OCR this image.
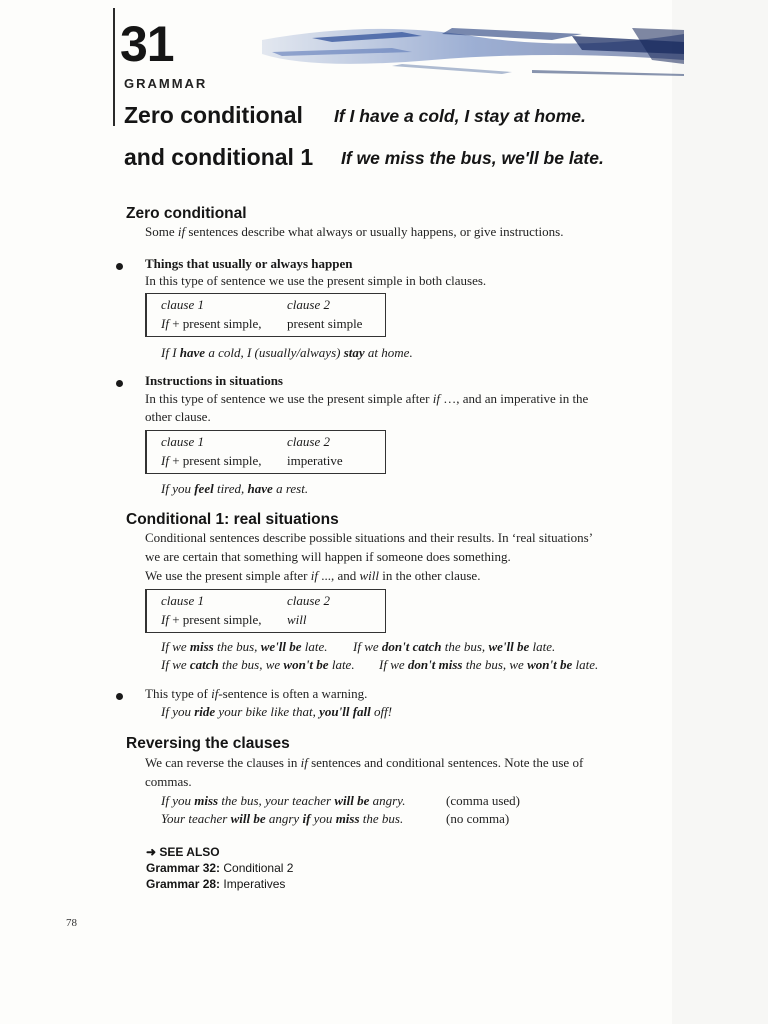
31
GRAMMAR
Zero conditional If I have a cold, I stay at home.
and conditional 1 If we miss the bus, we'll be late.
Zero conditional
Some if sentences describe what always or usually happens, or give instructions.
Things that usually or always happen
In this type of sentence we use the present simple in both clauses.
clause 1	clause 2
If + present simple, present simple
If I have a cold, I (usually/always) stay at home.
Instructions in situations
In this type of sentence we use the present simple after if …, and an imperative in the
other clause.
clause 1	clause 2
If + present simple, imperative
If you feel tired, have a rest.
Conditional 1: real situations
Conditional sentences describe possible situations and their results. In ‘real situations’
we are certain that something will happen if someone does something.
We use the present simple after if ..., and will in the other clause.
clause 1	clause 2
If + present simple, will
If we miss the bus, we'll be late. If we don't catch the bus, we'll be late.
If we catch the bus, we won't be late. If we don't miss the bus, we won't be late.
This type of if-sentence is often a warning.
If you ride your bike like that, you'll fall off!
Reversing the clauses
We can reverse the clauses in if sentences and conditional sentences. Note the use of
commas.
If you miss the bus, your teacher will be angry.	(comma used)
Your teacher will be angry if you miss the bus.	(no comma)
➜ SEE ALSO
Grammar 32: Conditional 2
Grammar 28: Imperatives
78
